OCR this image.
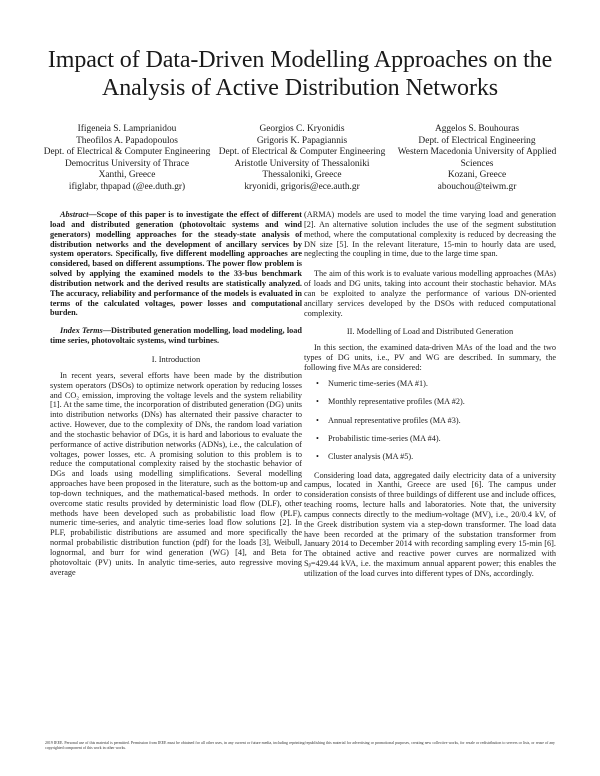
Impact of Data-Driven Modelling Approaches on the Analysis of Active Distribution Networks
Ifigeneia S. Lamprianidou
Theofilos A. Papadopoulos
Dept. of Electrical & Computer Engineering
Democritus University of Thrace
Xanthi, Greece
ifiglabr, thpapad (@ee.duth.gr)
Georgios C. Kryonidis
Grigoris K. Papagiannis
Dept. of Electrical & Computer Engineering
Aristotle University of Thessaloniki
Thessaloniki, Greece
kryonidi, grigoris@ece.auth.gr
Aggelos S. Bouhouras
Dept. of Electrical Engineering
Western Macedonia University of Applied Sciences
Kozani, Greece
abouchou@teiwm.gr

Abstract—Scope of this paper is to investigate the effect of different load and distributed generation (photovoltaic systems and wind generators) modelling approaches for the steady-state analysis of distribution networks and the development of ancillary services by system operators. Specifically, five different modelling approaches are considered, based on different assumptions. The power flow problem is solved by applying the examined models to the 33-bus benchmark distribution network and the derived results are statistically analyzed. The accuracy, reliability and performance of the models is evaluated in terms of the calculated voltages, power losses and computational burden.

Index Terms—Distributed generation modelling, load modeling, load time series, photovoltaic systems, wind turbines.

I. Introduction

In recent years, several efforts have been made by the distribution system operators (DSOs) to optimize network operation by reducing losses and CO₂ emission, improving the voltage levels and the system reliability [1]. At the same time, the incorporation of distributed generation (DG) units into distribution networks (DNs) has alternated their passive character to active. However, due to the complexity of DNs, the random load variation and the stochastic behavior of DGs, it is hard and laborious to evaluate the performance of active distribution networks (ADNs), i.e., the calculation of voltages, power losses, etc. A promising solution to this problem is to reduce the computational complexity raised by the stochastic behavior of DGs and loads using modelling simplifications. Several modelling approaches have been proposed in the literature, such as the bottom-up and top-down techniques, and the mathematical-based methods. In order to overcome static results provided by deterministic load flow (DLF), other methods have been developed such as probabilistic load flow (PLF), numeric time-series, and analytic time-series load flow solutions [2]. In PLF, probabilistic distributions are assumed and more specifically the normal probabilistic distribution function (pdf) for the loads [3], Weibull, lognormal, and burr for wind generation (WG) [4], and Beta for photovoltaic (PV) units. In analytic time-series, auto regressive moving average

(ARMA) models are used to model the time varying load and generation [2]. An alternative solution includes the use of the segment substitution method, where the computational complexity is reduced by decreasing the DN size [5]. In the relevant literature, 15-min to hourly data are used, neglecting the coupling in time, due to the large time span.

The aim of this work is to evaluate various modelling approaches (MAs) of loads and DG units, taking into account their stochastic behavior. MAs can be exploited to analyze the performance of various DN-oriented ancillary services developed by the DSOs with reduced computational complexity.

II. Modelling of Load and Distributed Generation

In this section, the examined data-driven MAs of the load and the two types of DG units, i.e., PV and WG are described. In summary, the following five MAs are considered:

• Numeric time-series (MA #1).
• Monthly representative profiles (MA #2).
• Annual representative profiles (MA #3).
• Probabilistic time-series (MA #4).
• Cluster analysis (MA #5).

Considering load data, aggregated daily electricity data of a university campus, located in Xanthi, Greece are used [6]. The campus under consideration consists of three buildings of different use and include offices, teaching rooms, lecture halls and laboratories. Note that, the university campus connects directly to the medium-voltage (MV), i.e., 20/0.4 kV, of the Greek distribution system via a step-down transformer. The load data have been recorded at the primary of the substation transformer from January 2014 to December 2014 with recording sampling every 15-min [6]. The obtained active and reactive power curves are normalized with Sᵦ=429.44 kVA, i.e. the maximum annual apparent power; this enables the utilization of the load curves into different types of DNs, accordingly.

2019 IEEE. Personal use of this material is permitted. Permission from IEEE must be obtained for all other uses, in any current or future media, including reprinting/republishing this material for advertising or promotional purposes, creating new collective works, for resale or redistribution to servers or lists, or reuse of any copyrighted component of this work in other works.
